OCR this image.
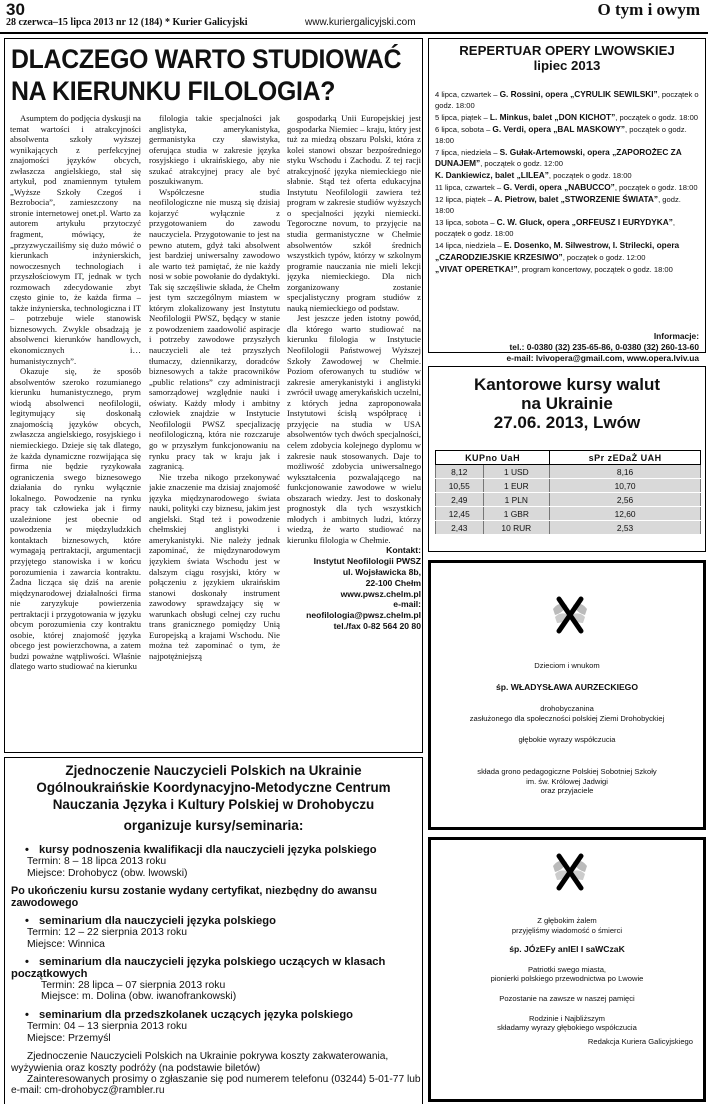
30
28 czerwca–15 lipca 2013 nr 12 (184) * Kurier Galicyjski	www.kuriergalicyjski.com
O tym i owym
DLACZEGO WARTO STUDIOWAĆ
NA KIERUNKU FILOLOGIA?

Asumptem do podjęcia dyskusji na temat wartości i atrakcyjności absolwenta szkoły wyższej wynikających z perfekcyjnej znajomości języków obcych, zwłaszcza angielskiego, stał się artykuł, pod znamiennym tytułem „Wyższe Szkoły Czegoś i Bezrobocia”, zamieszczony na stronie internetowej onet.pl. Warto za autorem artykułu przytoczyć fragment, mówiący, że „przyzwyczailiśmy się dużo mówić o kierunkach inżynierskich, nowoczesnych technologiach i przyszłościowym IT, jednak w tych rozmowach zdecydowanie zbyt często ginie to, że każda firma – także inżynierska, technologiczna i IT – potrzebuje wiele stanowisk biznesowych. Zwykle obsadzają je absolwenci kierunków handlowych, ekonomicznych i… humanistycznych”.

Okazuje się, że sposób absolwentów szeroko rozumianego kierunku humanistycznego, prym wiodą absolwenci neofilologii, legitymujący się doskonałą znajomością języków obcych, zwłaszcza angielskiego, rosyjskiego i niemieckiego. Dzieje się tak dlatego, że każda dynamiczne rozwijająca się firma nie będzie ryzykowała ograniczenia swego biznesowego działania do rynku wyłącznie lokalnego. Powodzenie na rynku pracy tak człowieka jak i firmy uzależnione jest obecnie od powodzenia w międzyludzkich kontaktach biznesowych, które wymagają pertraktacji, argumentacji przyjętego stanowiska i w końcu porozumienia i zawarcia kontraktu. Żadna licząca się dziś na arenie międzynarodowej działalności firma nie zaryzykuje powierzenia pertraktacji i przygotowania w języku obcym porozumienia czy kontraktu osobie, której znajomość języka obcego jest powierzchowna, a zatem budzi poważne wątpliwości. Właśnie dlatego warto studiować na kierunku

filologia takie specjalności jak anglistyka, amerykanistyka, germanistyka czy sławistyka, oferująca studia w zakresie języka rosyjskiego i ukraińskiego, aby nie szukać atrakcyjnej pracy ale być poszukiwanym.

Współczesne studia neofilologiczne nie muszą się dzisiaj kojarzyć wyłącznie z przygotowaniem do zawodu nauczyciela. Przygotowanie to jest na pewno atutem, gdyż taki absolwent jest bardziej uniwersalny zawodowo ale warto też pamiętać, że nie każdy nosi w sobie powołanie do dydaktyki. Tak się szczęśliwie składa, że Chełm jest tym szczególnym miastem w którym zlokalizowany jest Instytutu Neofilologii PWSZ, będący w stanie z powodzeniem zaadowolić aspiracje i potrzeby zawodowe przyszłych nauczycieli ale też przyszłych tłumaczy, dziennikarzy, doradców biznesowych a także pracowników „public relations” czy administracji samorządowej względnie nauki i oświaty. Każdy młody i ambitny człowiek znajdzie w Instytucie Neofilologii PWSZ specjalizację neofilologiczną, która nie rozczaruje go w przyszłym funkcjonowaniu na rynku pracy tak w kraju jak i zagranicą.

Nie trzeba nikogo przekonywać jakie znaczenie ma dzisiaj znajomość języka międzynarodowego świata nauki, polityki czy biznesu, jakim jest angielski. Stąd też i powodzenie chełmskiej anglistyki i amerykanistyki. Nie należy jednak zapominać, że międzynarodowym językiem świata Wschodu jest w dalszym ciągu rosyjski, który w połączeniu z językiem ukraińskim stanowi doskonały instrument zawodowy sprawdzający się w warunkach obsługi celnej czy ruchu trans granicznego pomiędzy Unią Europejską a krajami Wschodu. Nie można też zapominać o tym, że najpotężniejszą

gospodarką Unii Europejskiej jest gospodarka Niemiec – kraju, który jest tuż za miedzą obszaru Polski, która z kolei stanowi obszar bezpośredniego styku Wschodu i Zachodu. Z tej racji atrakcyjność języka niemieckiego nie słabnie. Stąd też oferta edukacyjna Instytutu Neofilologii zawiera też program w zakresie studiów wyższych o specjalności języki niemiecki. Tegoroczne novum, to przyjęcie na studia germanistyczne w Chełmie absolwentów szkół średnich wszystkich typów, którzy w szkolnym programie nauczania nie mieli lekcji języka niemieckiego. Dla nich zorganizowany zostanie specjalistyczny program studiów z nauką niemieckiego od podstaw.

Jest jeszcze jeden istotny powód, dla którego warto studiować na kierunku filologia w Instytucie Neofilologii Państwowej Wyższej Szkoły Zawodowej w Chełmie. Poziom oferowanych tu studiów w zakresie amerykanistyki i anglistyki zwrócił uwagę amerykańskich uczelni, z których jedna zaproponowała Instytutowi ścisłą współpracę i przyjęcie na studia w USA absolwentów tych dwóch specjalności, celem zdobycia kolejnego dyplomu w zakresie nauk stosowanych. Daje to możliwość zdobycia uniwersalnego wykształcenia pozwalającego na funkcjonowanie zawodowe w wielu obszarach wiedzy. Jest to doskonały prognostyk dla tych wszystkich młodych i ambitnych ludzi, którzy wiedzą, że warto studiować na kierunku filologia w Chełmie.

Kontakt:
Instytut Neofilologii PWSZ
ul. Wojsławicka 8b,
22-100 Chełm
www.pwsz.chelm.pl
e-mail:
neofilologia@pwsz.chelm.pl
tel./fax 0-82 564 20 80
REPERTUAR OPERY LWOWSKIEJ
lipiec 2013
4 lipca, czwartek – G. Rossini, opera „CYRULIK SEWILSKI”, początek o godz. 18:00
5 lipca, piątek – L. Minkus, balet „DON KICHOT”, początek o godz. 18:00
6 lipca, sobota – G. Verdi, opera „BAL MASKOWY”, początek o godz. 18:00
7 lipca, niedziela – S. Gułak-Artemowski, opera „ZAPOROŻEC ZA DUNAJEM”, początek o godz. 12:00
K. Dankiewicz, balet „LILEA”, początek o godz. 18:00
11 lipca, czwartek – G. Verdi, opera „NABUCCO”, początek o godz. 18:00
12 lipca, piątek – A. Pietrow, balet „STWORZENIE ŚWIATA”, godz. 18:00
13 lipca, sobota – C. W. Gluck, opera „ORFEUSZ I EURYDYKA”, początek o godz. 18:00
14 lipca, niedziela – E. Dosenko, M. Silwestrow, I. Strilecki, opera „CZARODZIEJSKIE KRZESIWO”, początek o godz. 12:00
„VIVAT OPERETKA!”, program koncertowy, początek o godz. 18:00
Informacje:
tel.: 0-0380 (32) 235-65-86, 0-0380 (32) 260-13-60
e-mail: lvivopera@gmail.com, www.opera.lviv.ua
Kantorowe kursy walut
na Ukrainie
27.06. 2013, Lwów
KUPno UaH		sPr zEDaŻ UAH
8,12	1 USD	8,16
10,55	1 EUR	10,70
2,49	1 PLN	2,56
12,45	1 GBR	12,60
2,43	10 RUR	2,53
Dzieciom i wnukom
śp. WŁADYSŁAWA AURZECKIEGO
drohobyczanina
zasłużonego dla społeczności polskiej Ziemi Drohobyckiej
głębokie wyrazy współczucia
składa grono pedagogiczne Polskiej Sobotniej Szkoły
im. św. Królowej Jadwigi
oraz przyjaciele
Z głębokim żalem
przyjęliśmy wiadomość o śmierci
śp. JÓzEFy anIEl I saWCzaK
Patriotki swego miasta,
pionierki polskiego przewodnictwa po Lwowie
Pozostanie na zawsze w naszej pamięci
Rodzinie i Najbliższym
składamy wyrazy głębokiego współczucia
Redakcja Kuriera Galicyjskiego
Zjednoczenie Nauczycieli Polskich na Ukrainie
Ogólnoukraińskie Koordynacyjno-Metodyczne Centrum
Nauczania Języka i Kultury Polskiej w Drohobyczu
organizuje kursy/seminaria:
• kursy podnoszenia kwalifikacji dla nauczycieli języka polskiego
Termin: 8 – 18 lipca 2013 roku
Miejsce: Drohobycz (obw. lwowski)
Po ukończeniu kursu zostanie wydany certyfikat, niezbędny do awansu zawodowego
• seminarium dla nauczycieli języka polskiego
Termin: 12 – 22 sierpnia 2013 roku
Miejsce: Winnica
• seminarium dla nauczycieli języka polskiego uczących w klasach początkowych
Termin: 28 lipca – 07 sierpnia 2013 roku
Miejsce: m. Dolina (obw. iwanofrankowski)
• seminarium dla przedszkolanek uczących języka polskiego
Termin: 04 – 13 sierpnia 2013 roku
Miejsce: Przemyśl
Zjednoczenie Nauczycieli Polskich na Ukrainie pokrywa koszty zakwaterowania, wyżywienia oraz koszty podróży (na podstawie biletów)
Zainteresowanych prosimy o zgłaszanie się pod numerem telefonu (03244) 5-01-77 lub e-mail: cm-drohobycz@rambler.ru
